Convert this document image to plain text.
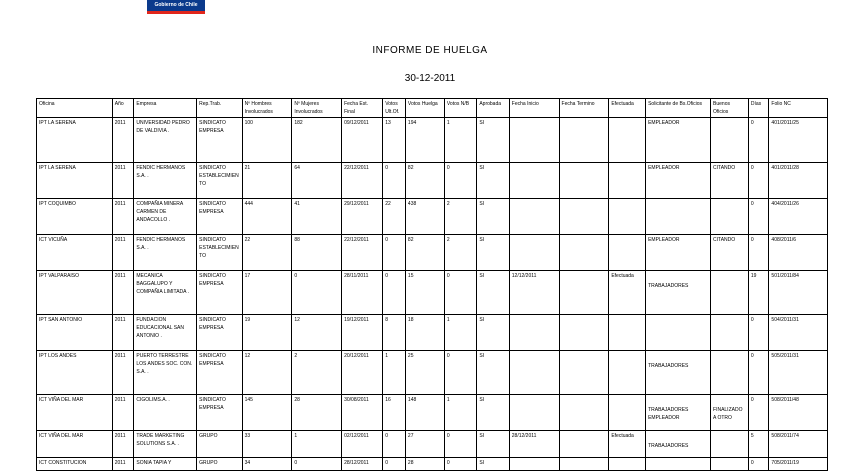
Gobierno de Chile
INFORME DE HUELGA
30-12-2011
Oficina	Año	Empresa	Rep.Trab.	Nº Hombres Involucrados	Nº Mujeres Involucrados	Fecha Est. Final	Votos Ult.Of.	Votos Huelga	Votos N/B	Aprobada	Fecha Inicio	Fecha Termino	Efectuada	Solicitante de Bs.Oficios	Buenos Oficios	Días	Folio NC
IPT LA SERENA	2011	UNIVERSIDAD PEDRO DE VALDIVIA .	SINDICATO EMPRESA	100	182	09/12/2011	13	194	1	SI				EMPLEADOR		0	401/2011/25
IPT LA SERENA	2011	FENDIC HERMANOS S.A. .	SINDICATO ESTABLECIMIENTO	21	64	22/12/2011	0	82	0	SI				EMPLEADOR	CITANDO	0	401/2011/28
IPT COQUIMBO	2011	COMPAÑIA MINERA CARMEN DE ANDACOLLO .	SINDICATO EMPRESA	444	41	29/12/2011	22	438	2	SI						0	404/2011/26
ICT VICUÑA	2011	FENDIC HERMANOS S.A. .	SINDICATO ESTABLECIMIENTO	22	88	22/12/2011	0	82	2	SI				EMPLEADOR	CITANDO	0	408/2011/6
IPT VALPARAISO	2011	MECANICA BAGGALUPO Y COMPAÑIA LIMITADA .	SINDICATO EMPRESA	17	0	28/11/2011	0	15	0	SI	12/12/2011		Efectuada	TRABAJADORES		19	501/2011/84
IPT SAN ANTONIO	2011	FUNDACION EDUCACIONAL SAN ANTONIO .	SINDICATO EMPRESA	19	12	19/12/2011	8	18	1	SI						0	504/2011/31
IPT LOS ANDES	2011	PUERTO TERRESTRE LOS ANDES SOC. CON. S.A. .	SINDICATO EMPRESA	12	2	20/12/2011	1	25	0	SI				TRABAJADORES		0	505/2011/31
ICT VIÑA DEL MAR	2011	CIGOLIMS.A. .	SINDICATO EMPRESA	145	28	30/08/2011	16	148	1	SI				TRABAJADORES EMPLEADOR	FINALIZADO A OTRO	0	508/2011/48
ICT VIÑA DEL MAR	2011	TRADE MARKETING SOLUTIONS S.A. .	GRUPO	33	1	02/12/2011	0	27	0	SI	28/12/2011		Efectuada	TRABAJADORES		5	508/2011/74
ICT CONSTITUCION	2011	SONIA TAPIA Y	GRUPO	34	0	28/12/2011	0	28	0	SI						0	705/2011/19
